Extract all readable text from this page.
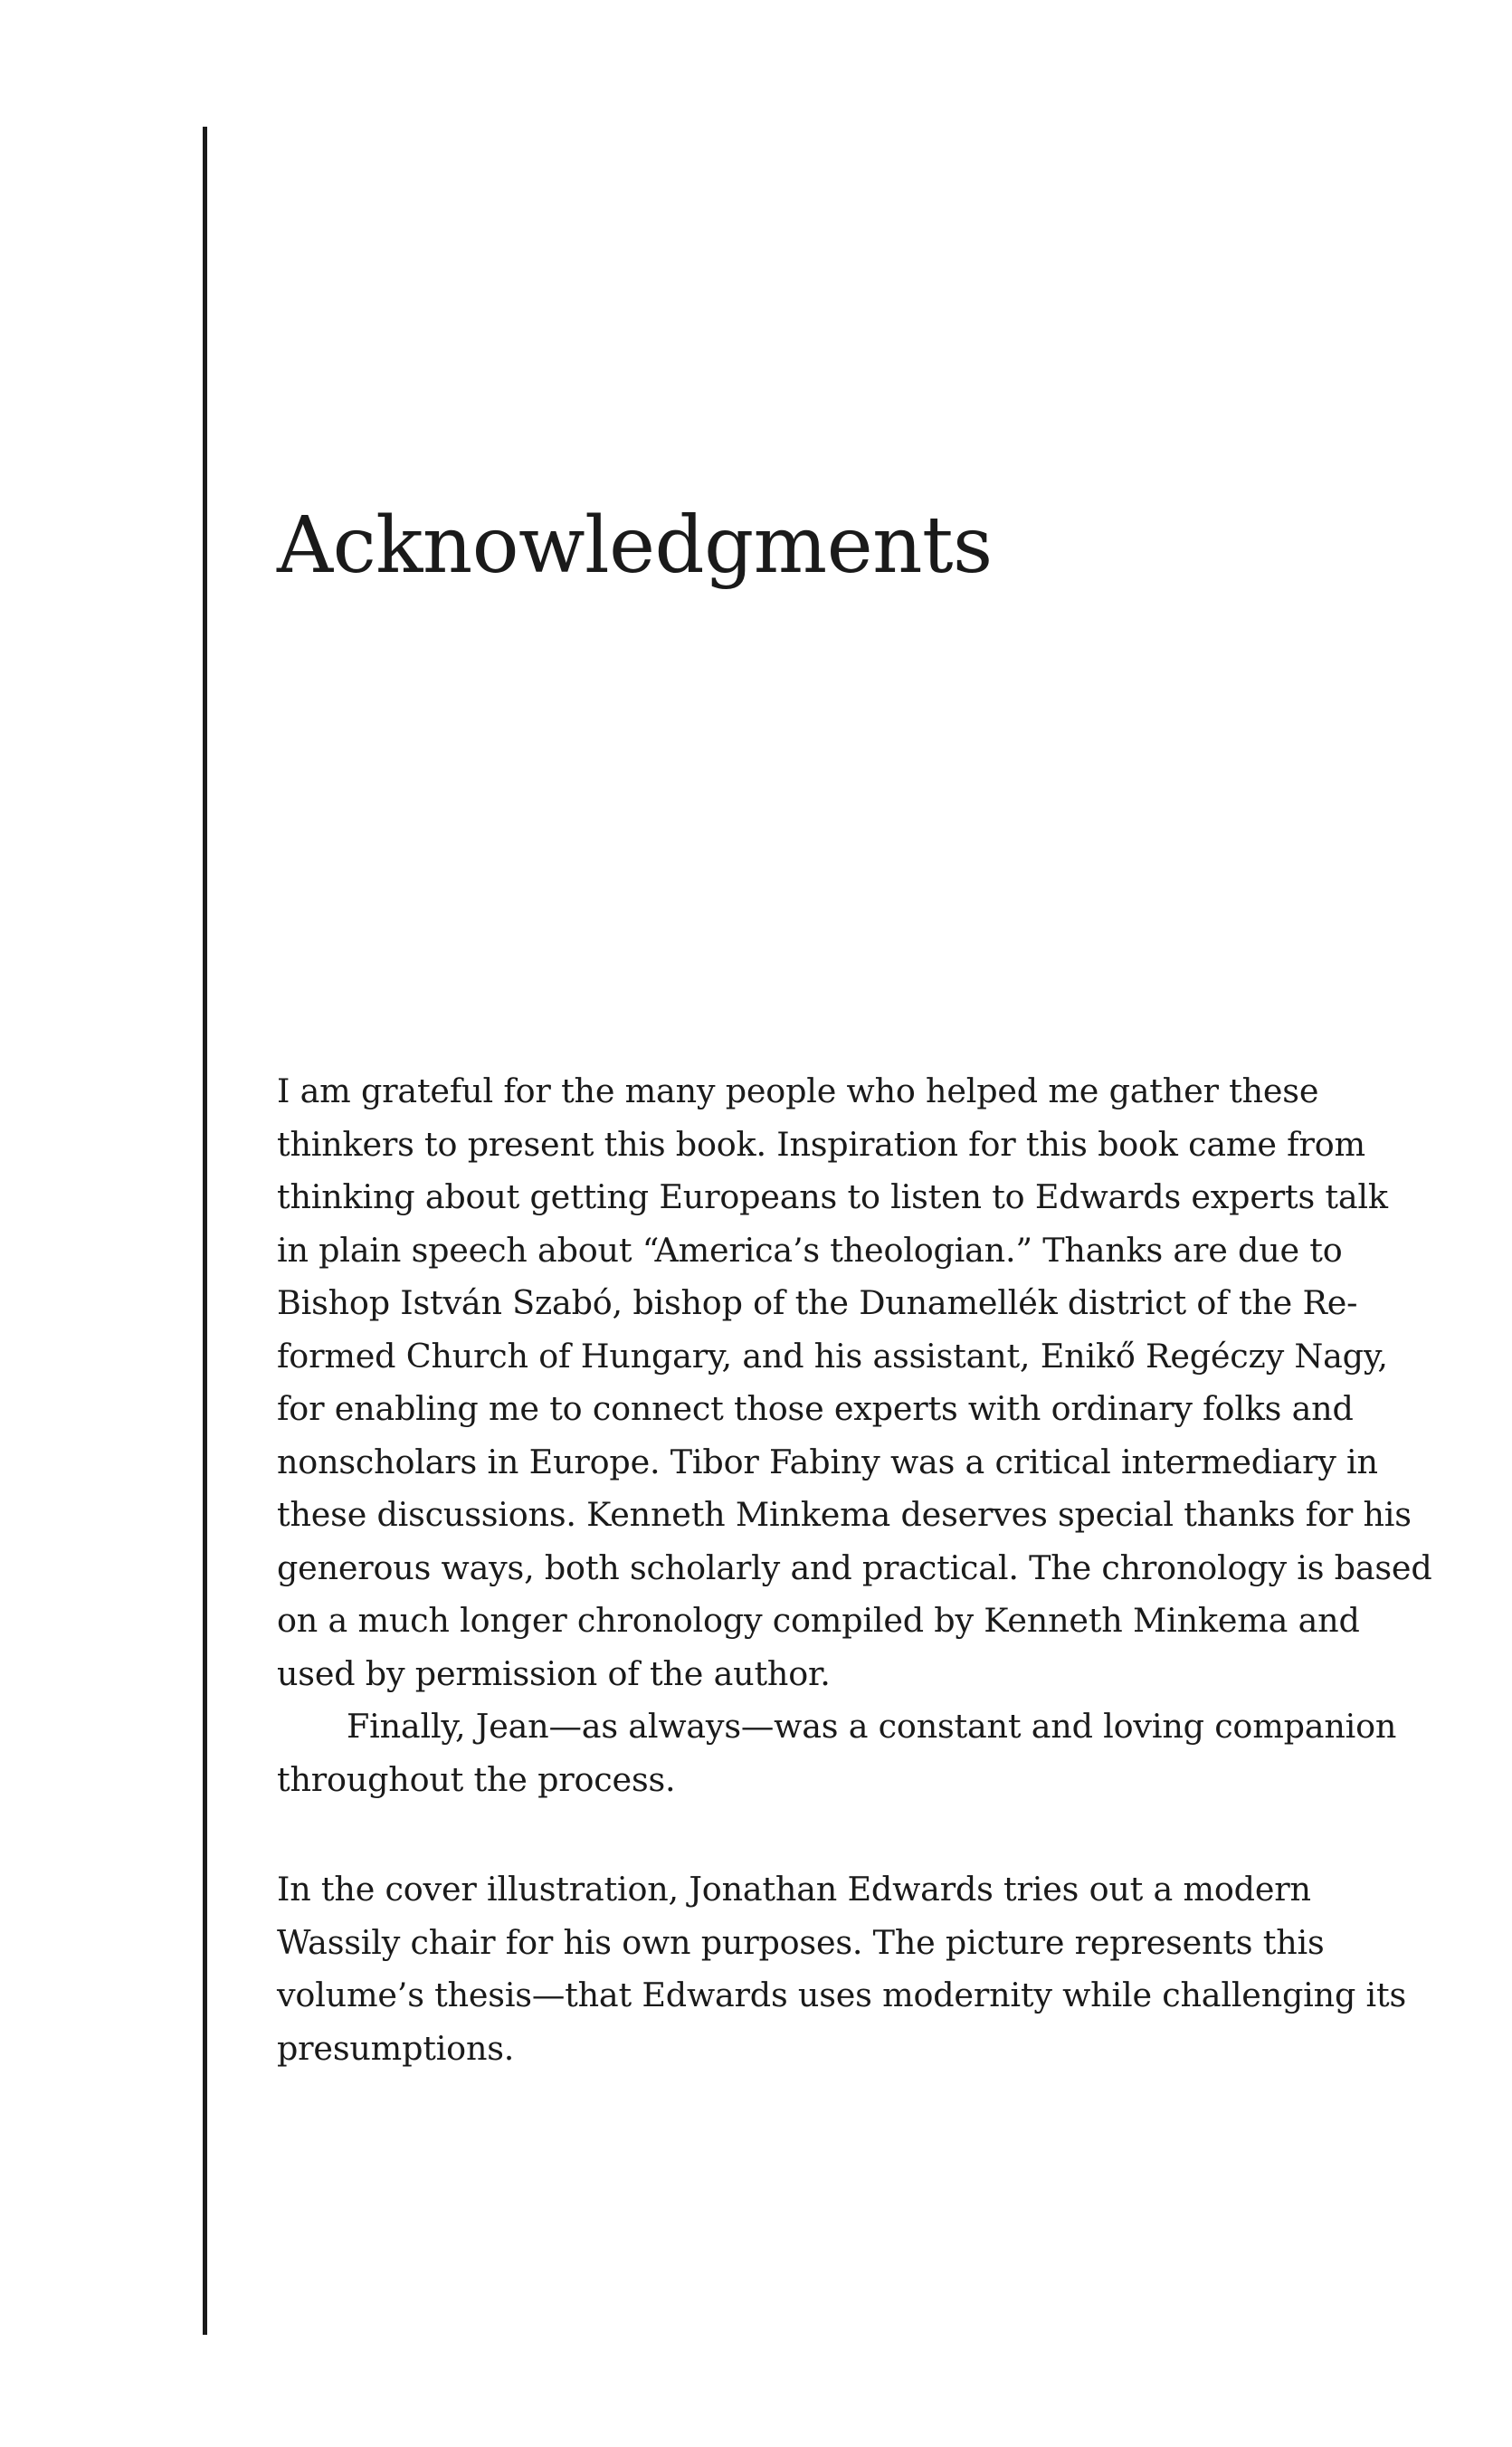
Acknowledgments
I am grateful for the many people who helped me gather these
thinkers to present this book. Inspiration for this book came from
thinking about getting Europeans to listen to Edwards experts talk
in plain speech about “America’s theologian.” Thanks are due to
Bishop István Szabó, bishop of the Dunamellék district of the Re-
formed Church of Hungary, and his assistant, Enikő Regéczy Nagy,
for enabling me to connect those experts with ordinary folks and
nonscholars in Europe. Tibor Fabiny was a critical intermediary in
these discussions. Kenneth Minkema deserves special thanks for his
generous ways, both scholarly and practical. The chronology is based
on a much longer chronology compiled by Kenneth Minkema and
used by permission of the author.
Finally, Jean—as always—was a constant and loving companion
throughout the process.
In the cover illustration, Jonathan Edwards tries out a modern
Wassily chair for his own purposes. The picture represents this
volume’s thesis—that Edwards uses modernity while challenging its
presumptions.
